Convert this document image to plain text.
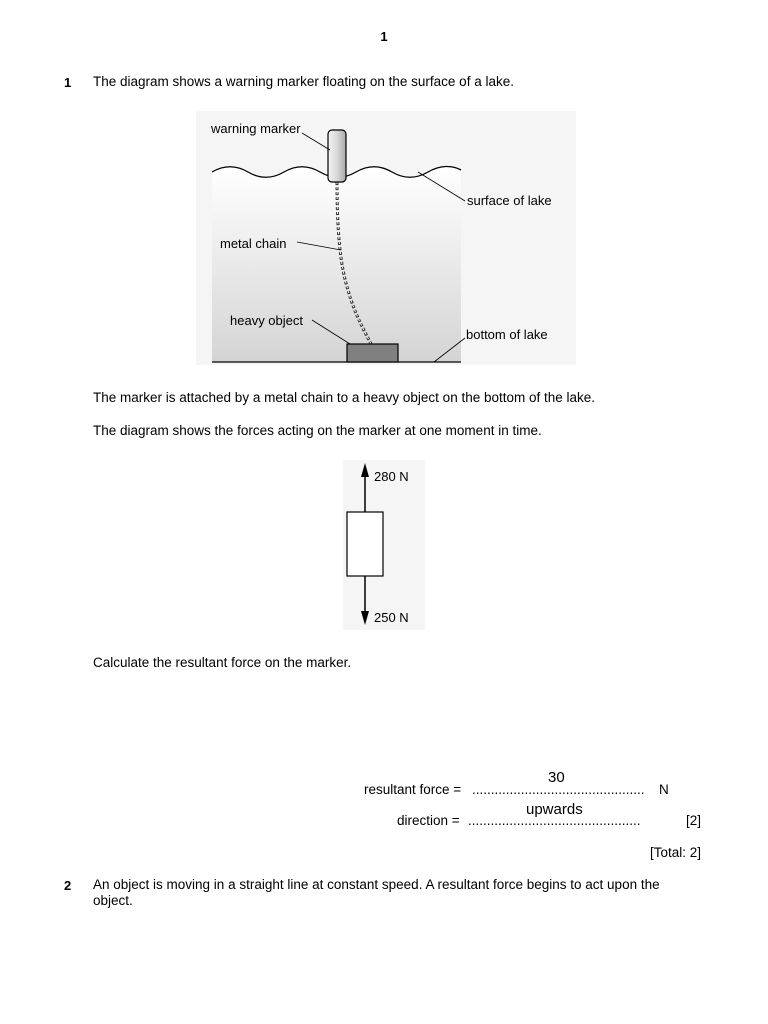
1
1 The diagram shows a warning marker floating on the surface of a lake.
warning marker
surface of lake
metal chain
heavy object
bottom of lake
The marker is attached by a metal chain to a heavy object on the bottom of the lake.
The diagram shows the forces acting on the marker at one moment in time.
280 N
250 N
Calculate the resultant force on the marker.
30
resultant force = .............................................. N
upwards
direction = ..............................................	[2]
[Total: 2]
2 An object is moving in a straight line at constant speed. A resultant force begins to act upon the
object.
